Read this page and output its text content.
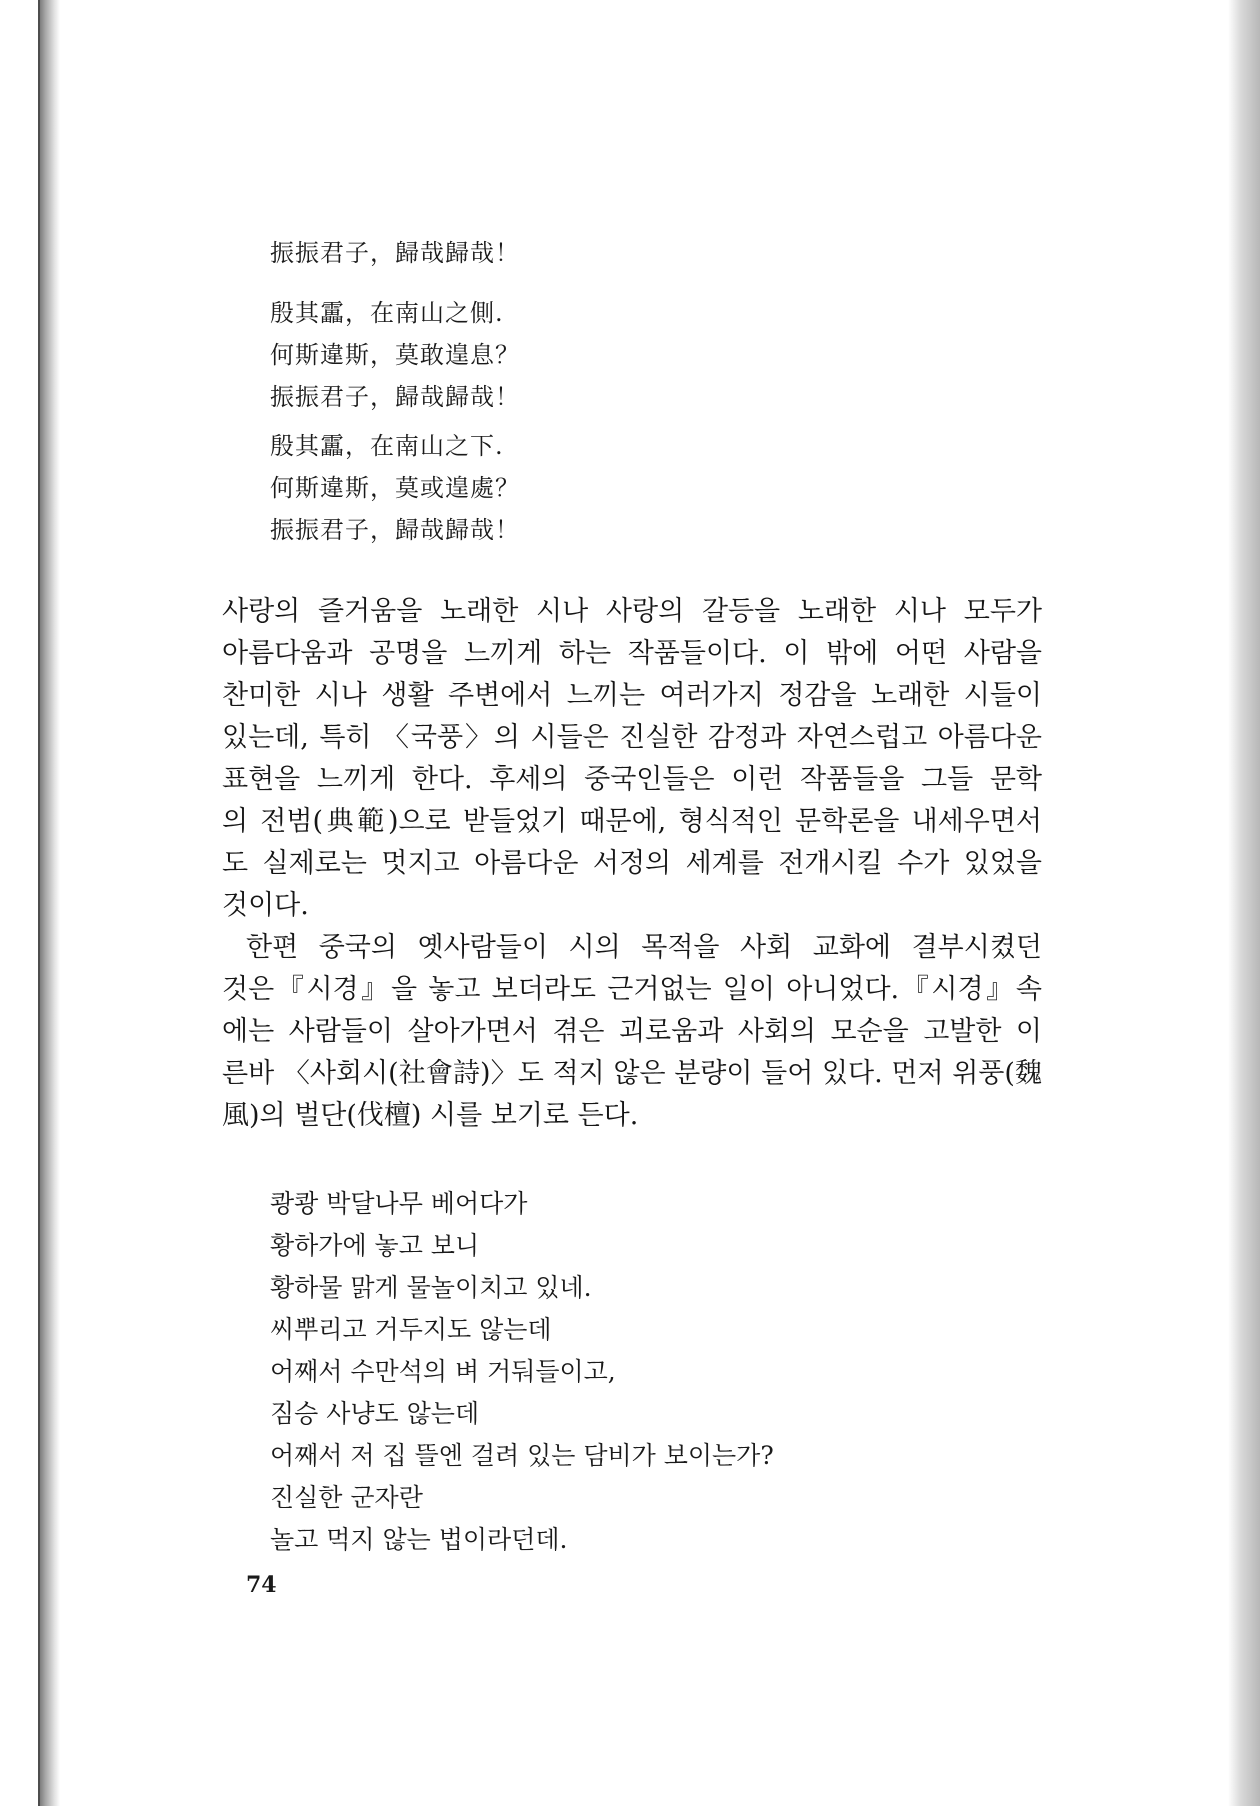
振振君子，歸哉歸哉！
殷其靁，在南山之側.
何斯違斯，莫敢遑息？
振振君子，歸哉歸哉！
殷其靁，在南山之下.
何斯違斯，莫或遑處？
振振君子，歸哉歸哉！
사랑의 즐거움을 노래한 시나 사랑의 갈등을 노래한 시나 모두가
아름다움과 공명을 느끼게 하는 작품들이다. 이 밖에 어떤 사람을
찬미한 시나 생활 주변에서 느끼는 여러가지 정감을 노래한 시들이
있는데, 특히 〈국풍〉의 시들은 진실한 감정과 자연스럽고 아름다운
표현을 느끼게 한다. 후세의 중국인들은 이런 작품들을 그들 문학
의 전범(典範)으로 받들었기 때문에, 형식적인 문학론을 내세우면서
도 실제로는 멋지고 아름다운 서정의 세계를 전개시킬 수가 있었을
것이다.
한편 중국의 옛사람들이 시의 목적을 사회 교화에 결부시켰던
것은『시경』을 놓고 보더라도 근거없는 일이 아니었다.『시경』속
에는 사람들이 살아가면서 겪은 괴로움과 사회의 모순을 고발한 이
른바 〈사회시(社會詩)〉도 적지 않은 분량이 들어 있다. 먼저 위풍(魏
風)의 벌단(伐檀) 시를 보기로 든다.
쾅쾅 박달나무 베어다가
황하가에 놓고 보니
황하물 맑게 물놀이치고 있네.
씨뿌리고 거두지도 않는데
어째서 수만석의 벼 거둬들이고,
짐승 사냥도 않는데
어째서 저 집 뜰엔 걸려 있는 담비가 보이는가?
진실한 군자란
놀고 먹지 않는 법이라던데.
74
